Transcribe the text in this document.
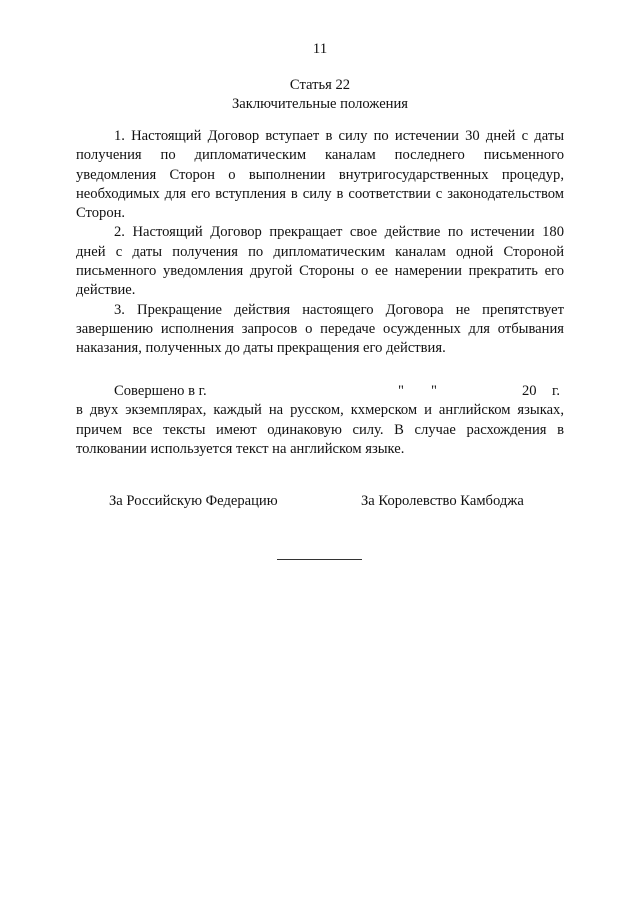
11
Статья 22
Заключительные положения

1. Настоящий Договор вступает в силу по истечении 30 дней с даты получения по дипломатическим каналам последнего письменного уведомления Сторон о выполнении внутригосударственных процедур, необходимых для его вступления в силу в соответствии с законодательством Сторон.

2. Настоящий Договор прекращает свое действие по истечении 180 дней с даты получения по дипломатическим каналам одной Стороной письменного уведомления другой Стороны о ее намерении прекратить его действие.

3. Прекращение действия настоящего Договора не препятствует завершению исполнения запросов о передаче осужденных для отбывания наказания, полученных до даты прекращения его действия.

Совершено в г.	" "	20 г.

в двух экземплярах, каждый на русском, кхмерском и английском языках, причем все тексты имеют одинаковую силу. В случае расхождения в толковании используется текст на английском языке.

За Российскую Федерацию	За Королевство Камбоджа
